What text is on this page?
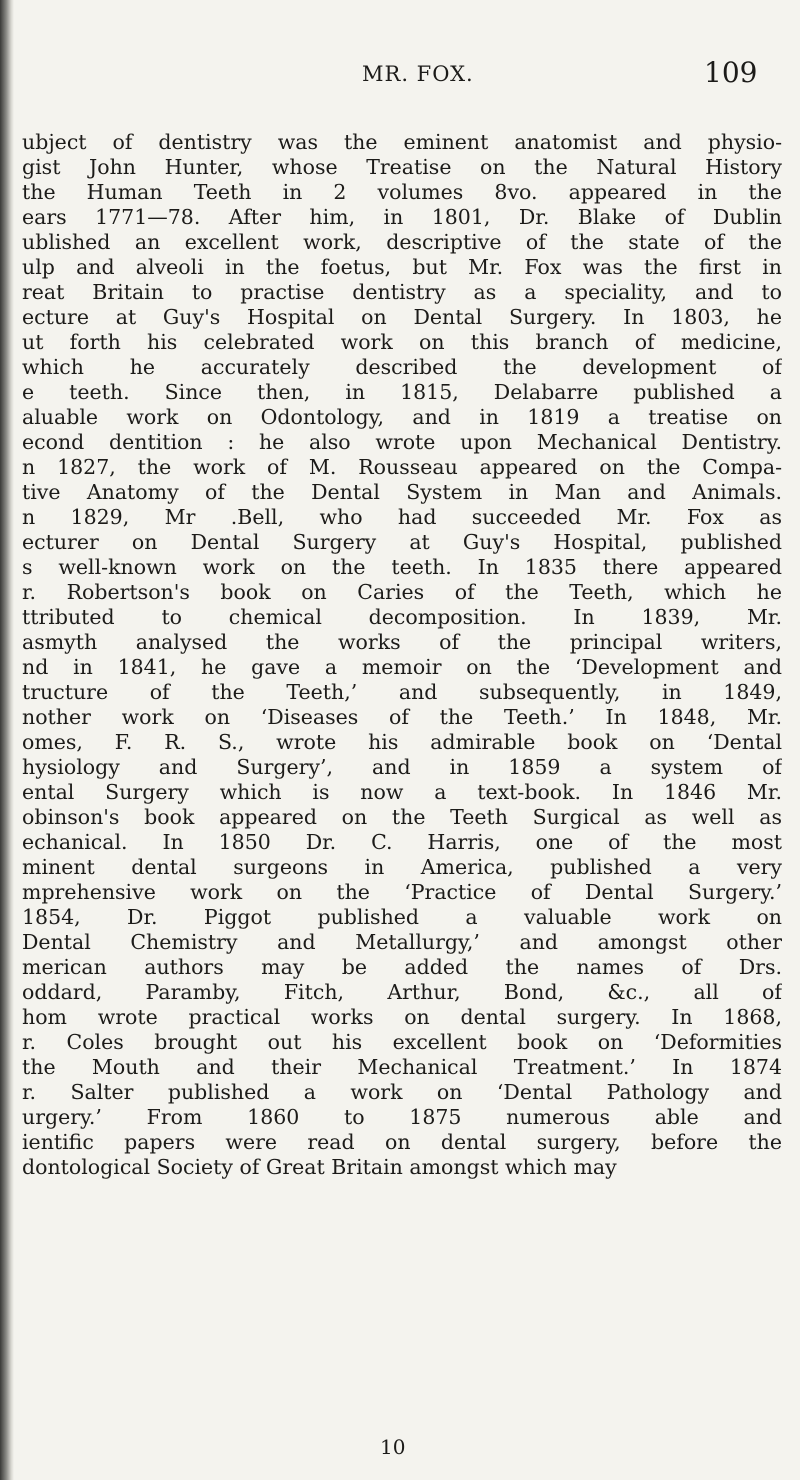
MR. FOX.	109
ubject of dentistry was the eminent anatomist and physio-
gist John Hunter, whose Treatise on the Natural History
the Human Teeth in 2 volumes 8vo. appeared in the
ears 1771—78. After him, in 1801, Dr. Blake of Dublin
ublished an excellent work, descriptive of the state of the
ulp and alveoli in the foetus, but Mr. Fox was the first in
reat Britain to practise dentistry as a speciality, and to
ecture at Guy's Hospital on Dental Surgery. In 1803, he
ut forth his celebrated work on this branch of medicine,
which he accurately described the development of
e teeth. Since then, in 1815, Delabarre published a
aluable work on Odontology, and in 1819 a treatise on
econd dentition : he also wrote upon Mechanical Dentistry.
n 1827, the work of M. Rousseau appeared on the Compa-
tive Anatomy of the Dental System in Man and Animals.
n 1829, Mr .Bell, who had succeeded Mr. Fox as
ecturer on Dental Surgery at Guy's Hospital, published
s well-known work on the teeth. In 1835 there appeared
r. Robertson's book on Caries of the Teeth, which he
ttributed to chemical decomposition. In 1839, Mr.
asmyth analysed the works of the principal writers,
nd in 1841, he gave a memoir on the ‘Development and
tructure of the Teeth,’ and subsequently, in 1849,
nother work on ‘Diseases of the Teeth.’ In 1848, Mr.
omes, F. R. S., wrote his admirable book on ‘Dental
hysiology and Surgery’, and in 1859 a system of
ental Surgery which is now a text-book. In 1846 Mr.
obinson's book appeared on the Teeth Surgical as well as
echanical. In 1850 Dr. C. Harris, one of the most
minent dental surgeons in America, published a very
mprehensive work on the ‘Practice of Dental Surgery.’
1854, Dr. Piggot published a valuable work on
Dental Chemistry and Metallurgy,’ and amongst other
merican authors may be added the names of Drs.
oddard, Paramby, Fitch, Arthur, Bond, &c., all of
hom wrote practical works on dental surgery. In 1868,
r. Coles brought out his excellent book on ‘Deformities
the Mouth and their Mechanical Treatment.’ In 1874
r. Salter published a work on ‘Dental Pathology and
urgery.’ From 1860 to 1875 numerous able and
ientific papers were read on dental surgery, before the
dontological Society of Great Britain amongst which may
10
